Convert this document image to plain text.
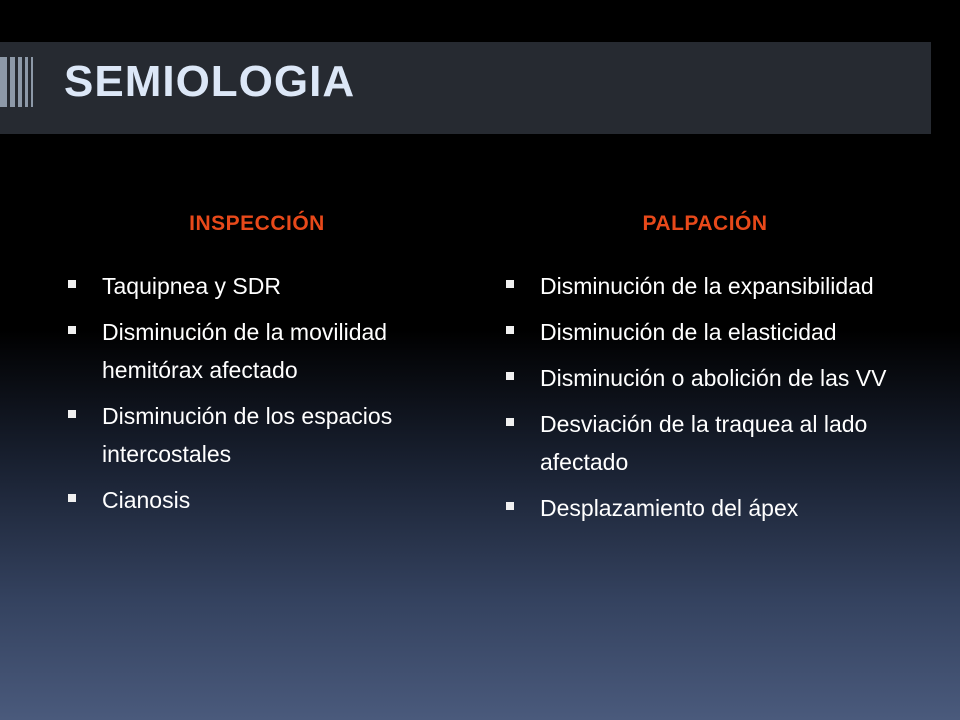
SEMIOLOGIA
INSPECCIÓN
Taquipnea y SDR
Disminución de la movilidad hemitórax afectado
Disminución de los espacios intercostales
Cianosis
PALPACIÓN
Disminución de la expansibilidad
Disminución de la elasticidad
Disminución o abolición de las VV
Desviación de la traquea al lado afectado
Desplazamiento del ápex
